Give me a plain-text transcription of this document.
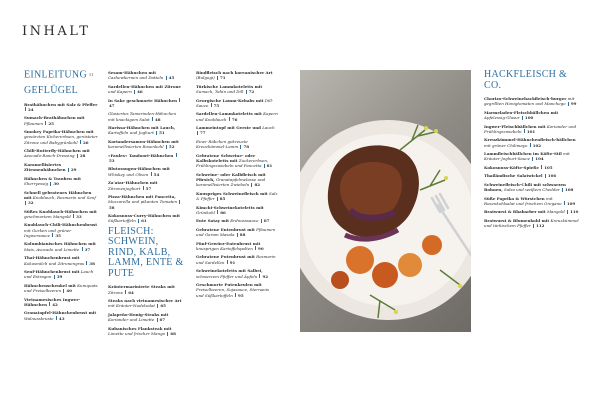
INHALT
EINLEITUNG 11
GEFLÜGEL
Brathähnchen mit Salz & Pfeffer 24
Sumach-Brathähnchen mit Pflaumen 25
Smokey Paprika-Hähnchen mit gewürzten Kichererbsen, gerösteter Zitrone und Babygrünkohl 26
Chili-Butterfly-Hähnchen mit Avocado-Ranch-Dressing 28
Karamellisiertes Zitronenhähnchen 29
Hähnchen & Trauben mit Sherryessig 30
Schnell gebratenes Hähnchen mit Knoblauch, Rosmarin und Senf 32
Süßes Knoblauch-Hähnchen mit geschmortem Mangold 33
Knoblauch-Chili-Hähnchenbrust mit Gurken und grüner Ingwersauce 35
Kolumbianisches Hähnchen mit Mais, Avocado und Limette 37
Thai-Hähnchenbrust mit Kokosmilch und Zitronengras 38
Senf-Hähnchenbrust mit Lauch und Estragon 39
Hähnchenschenkel mit Kumquats und Preiselbeeren 40
Vietnamesisches Ingwer-Hähnchen 42
Granatapfel-Hähnchenbrust mit Walnusskruste 43
Sesam-Hähnchen mit Cashewkernen und Datteln 45
Sardellen-Hähnchen mit Zitrone und Kapern 46
In Sake geschmorte Hähnchen 47
Glasiertes Tamarinden-Hähnchen mit knackigem Salat 48
Harissa-Hähnchen mit Lauch, Kartoffeln und Joghurt 51
Koriandersamen-Hähnchen mit karamellisierten Rosenkohl 52
»Faules« Tandoori-Hähnchen 53
Blutorangen-Hähnchen mit Whiskey und Oliven 54
Za'atar-Hähnchen mit Zitronenjoghurt 57
Pizza-Hähnchen mit Pancetta, Mozzarella und pikanten Tomaten 58
Kokosnuss-Curry-Hähnchen mit Süßkartoffeln 61
FLEISCH: SCHWEIN, RIND, KALB, LAMM, ENTE & PUTE
Kräutermarinierte Steaks mit Zitrone 64
Steaks nach vietnamesischer Art mit Kräuter-Nudelsalat 65
Jalapeño-Honig-Steaks mit Koriander und Limette 67
Kubanisches Flanksteak mit Limette und frischer Mango 68
Rindfleisch nach koreanischer Art (Bulgogi) 71
Türkische Lammkoteletts mit Sumach, Tahin und Dill 72
Georgische Lamm-Kebabs mit Dill-Sauce 75
Sardellen-Lammkoteletts mit Kapern und Knoblauch 76
Lammeintopf mit Gerste und Lauch 77
Einer Rübchen gekreuzte Kreuzkümmel-Lamm 78
Gebratene Schweine- oder Kalbskoteletts mit Zuckererbsen, Frühlingszwiebeln und Pancetta 81
Schweine- oder Kalbfleisch mit Pfirsich, Granatapfelmelasse und karamellisierten Zwiebeln 82
Knuspriges Schweinefleisch mit Salz & Pfeffer 85
Kimchi-Schweinekoteletts mit Grünkohl 86
Ente Satay mit Erdnusssauce 87
Gebratene Entenbrust mit Pflaumen und Garam Masala 88
Fünf-Gewürz-Entenbrust mit knusprigen Kartoffelspalten 90
Gebratene Putenbrust mit Rosmarin und Sardellen 91
Schweinekoteletts mit Salbei, schwarzem Pfeffer und Äpfeln 92
Geschmorte Putenkeulen mit Preiselbeeren, Sojasauce, Sternanis und Süßkartoffeln 95
HACKFLEISCH & CO.
Chorizo-Schweinehackfleisch-burger mit gegrillten Honigtomaten und Manchego 99
Marmeladen-Fleischbällchen mit Apfelessig-Glasur 100
Ingwer-Fleischbällchen mit Koriander und Frühlingszwiebeln 101
Kreuzkümmel-Hähnchenfleisch-bällchen mit grüner Chilimayo 102
Lammfleischbällchen im Köfte-Stil mit Kräuter-Joghurt-Sauce 104
Kokosnuss-Köfte-Spieße 105
Thailändische Salatwickel 106
Schweinefleisch-Chili mit schwarzen Bohnen, Salsa und weißem Cheddar 108
Süße Paprika & Würstchen mit Rosenkohlsalat und frischem Oregano 109
Bratwurst & Rhabarber mit Mangold 110
Bratwurst & Blumenkohl mit Kreuzkümmel und türkischem Pfeffer 112
